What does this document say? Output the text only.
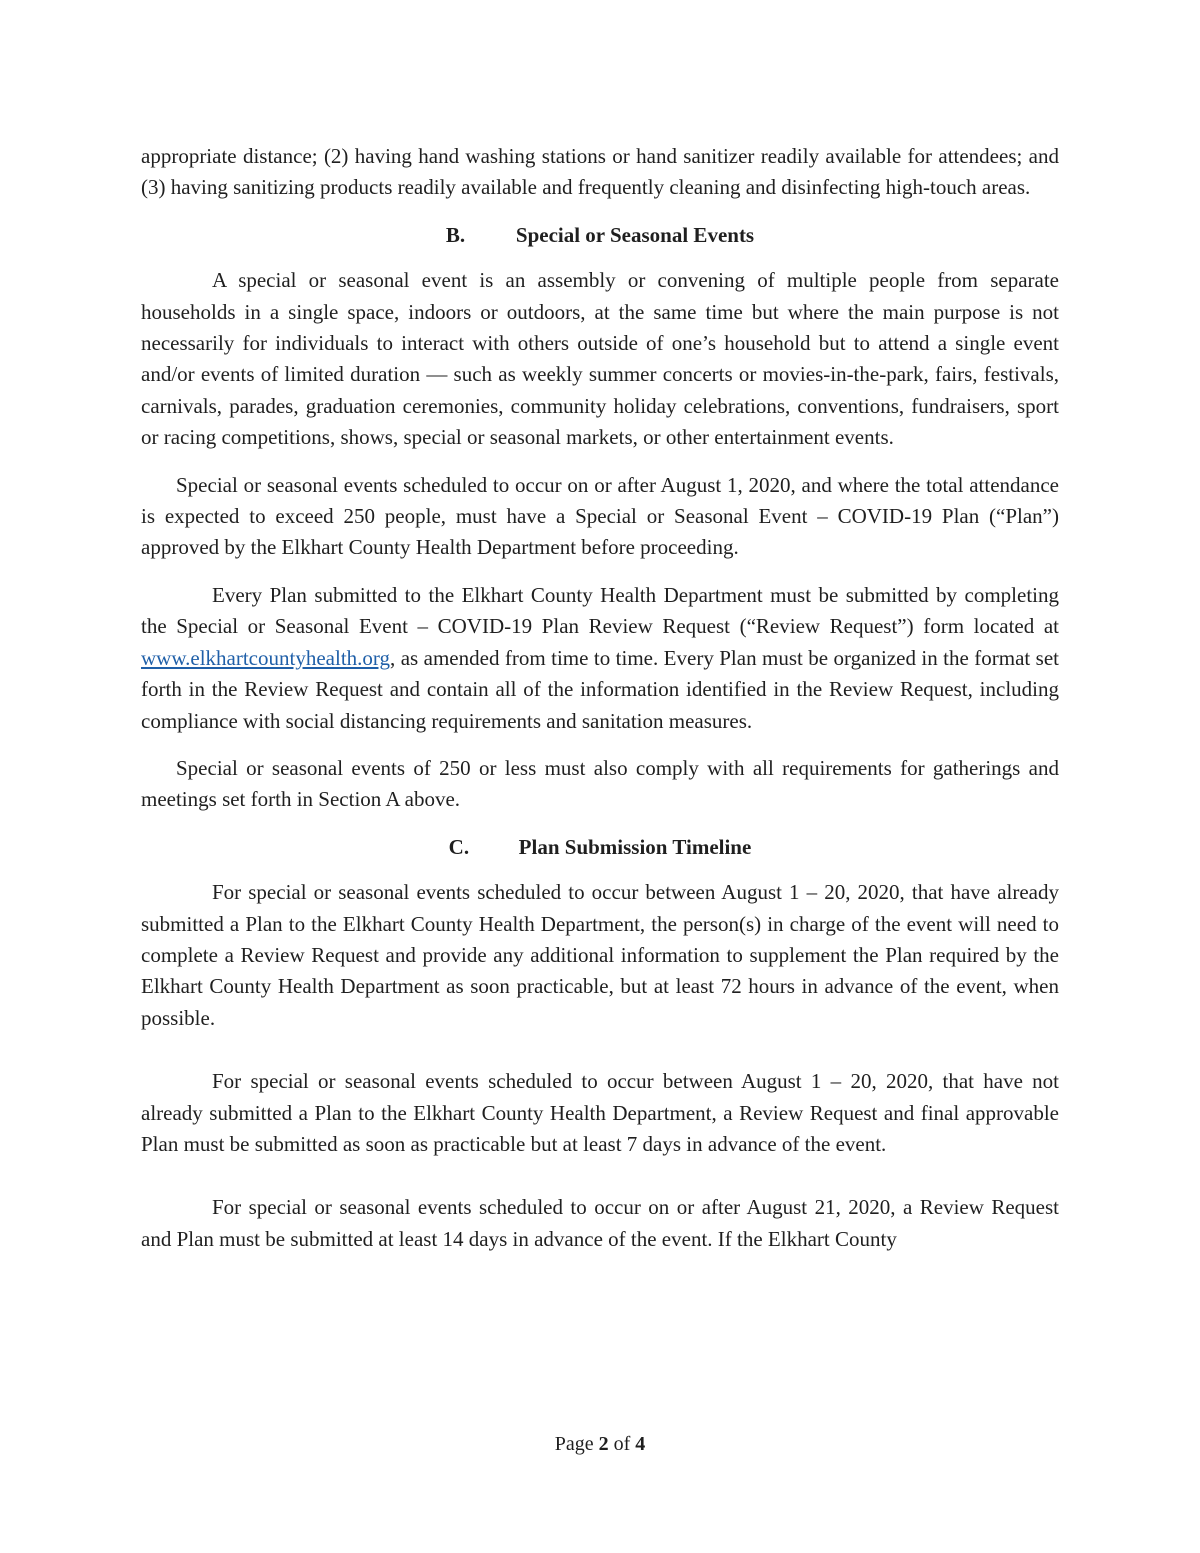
appropriate distance; (2) having hand washing stations or hand sanitizer readily available for attendees; and (3) having sanitizing products readily available and frequently cleaning and disinfecting high-touch areas.

B.	Special or Seasonal Events

A special or seasonal event is an assembly or convening of multiple people from separate households in a single space, indoors or outdoors, at the same time but where the main purpose is not necessarily for individuals to interact with others outside of one’s household but to attend a single event and/or events of limited duration — such as weekly summer concerts or movies-in-the-park, fairs, festivals, carnivals, parades, graduation ceremonies, community holiday celebrations, conventions, fundraisers, sport or racing competitions, shows, special or seasonal markets, or other entertainment events.

Special or seasonal events scheduled to occur on or after August 1, 2020, and where the total attendance is expected to exceed 250 people, must have a Special or Seasonal Event – COVID-19 Plan (“Plan”) approved by the Elkhart County Health Department before proceeding.

Every Plan submitted to the Elkhart County Health Department must be submitted by completing the Special or Seasonal Event – COVID-19 Plan Review Request (“Review Request”) form located at www.elkhartcountyhealth.org, as amended from time to time. Every Plan must be organized in the format set forth in the Review Request and contain all of the information identified in the Review Request, including compliance with social distancing requirements and sanitation measures.

Special or seasonal events of 250 or less must also comply with all requirements for gatherings and meetings set forth in Section A above.

C.	Plan Submission Timeline

For special or seasonal events scheduled to occur between August 1 – 20, 2020, that have already submitted a Plan to the Elkhart County Health Department, the person(s) in charge of the event will need to complete a Review Request and provide any additional information to supplement the Plan required by the Elkhart County Health Department as soon practicable, but at least 72 hours in advance of the event, when possible.

For special or seasonal events scheduled to occur between August 1 – 20, 2020, that have not already submitted a Plan to the Elkhart County Health Department, a Review Request and final approvable Plan must be submitted as soon as practicable but at least 7 days in advance of the event.

For special or seasonal events scheduled to occur on or after August 21, 2020, a Review Request and Plan must be submitted at least 14 days in advance of the event. If the Elkhart County

Page 2 of 4
